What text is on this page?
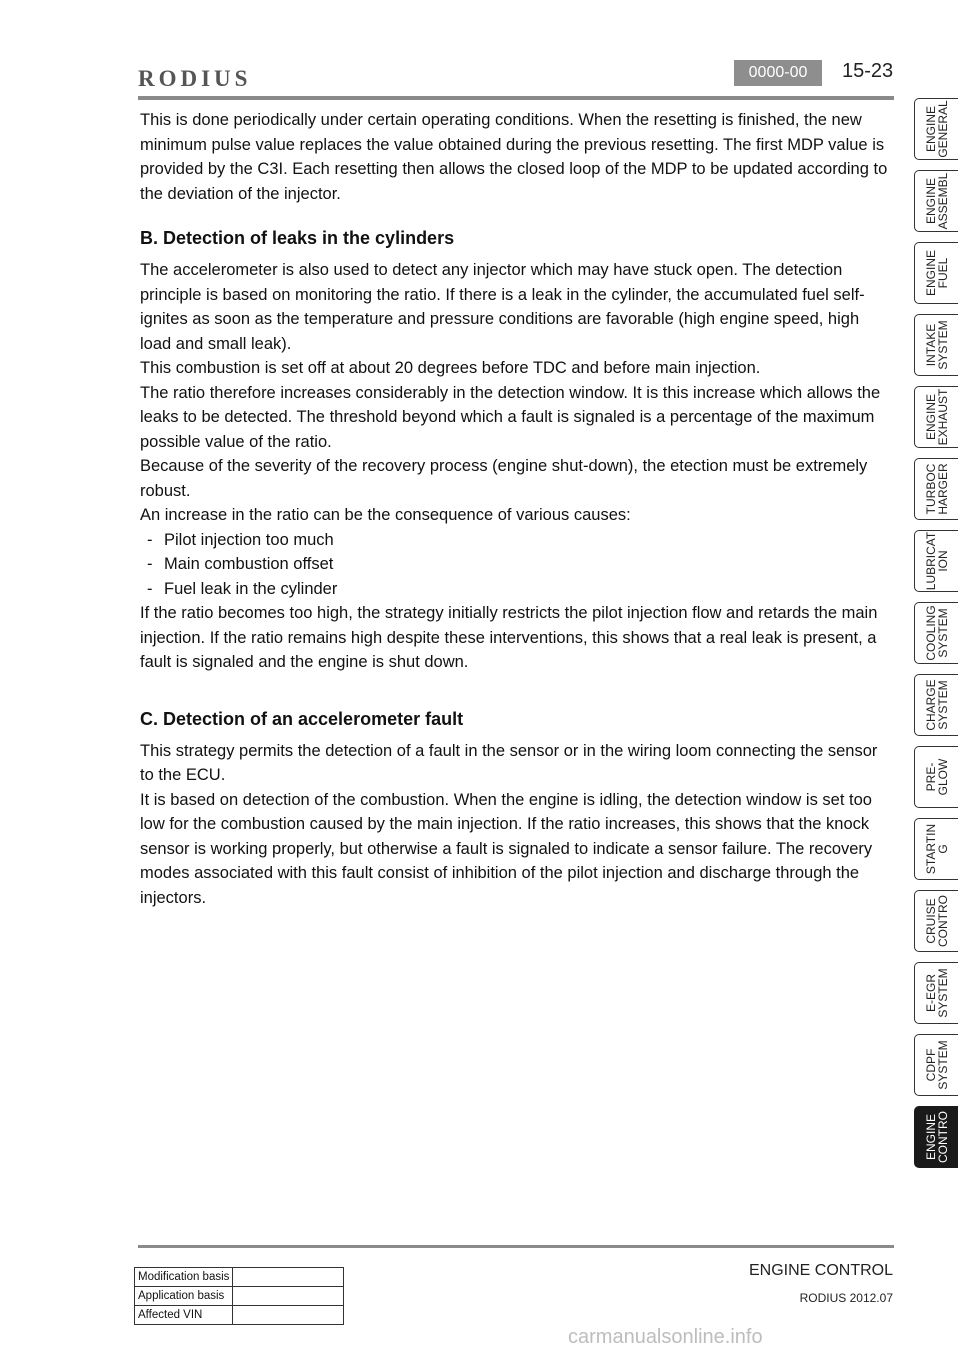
RODIUS	0000-00	15-23

This is done periodically under certain operating conditions. When the resetting is finished, the new minimum pulse value replaces the value obtained during the previous resetting. The first MDP value is provided by the C3I. Each resetting then allows the closed loop of the MDP to be updated according to the deviation of the injector.

B. Detection of leaks in the cylinders

The accelerometer is also used to detect any injector which may have stuck open. The detection principle is based on monitoring the ratio. If there is a leak in the cylinder, the accumulated fuel self-ignites as soon as the temperature and pressure conditions are favorable (high engine speed, high load and small leak).

This combustion is set off at about 20 degrees before TDC and before main injection.

The ratio therefore increases considerably in the detection window. It is this increase which allows the leaks to be detected. The threshold beyond which a fault is signaled is a percentage of the maximum possible value of the ratio.

Because of the severity of the recovery process (engine shut-down), the etection must be extremely robust.

An increase in the ratio can be the consequence of various causes:

- Pilot injection too much
- Main combustion offset
- Fuel leak in the cylinder

If the ratio becomes too high, the strategy initially restricts the pilot injection flow and retards the main injection. If the ratio remains high despite these interventions, this shows that a real leak is present, a fault is signaled and the engine is shut down.

C. Detection of an accelerometer fault

This strategy permits the detection of a fault in the sensor or in the wiring loom connecting the sensor to the ECU.

It is based on detection of the combustion. When the engine is idling, the detection window is set too low for the combustion caused by the main injection. If the ratio increases, this shows that the knock sensor is working properly, but otherwise a fault is signaled to indicate a sensor failure. The recovery modes associated with this fault consist of inhibition of the pilot injection and discharge through the injectors.

ENGINE
GENERAL
ENGINE
ASSEMBL
ENGINE
FUEL
INTAKE
SYSTEM
ENGINE
EXHAUST
TURBOC
HARGER
LUBRICAT
ION
COOLING
SYSTEM
CHARGE
SYSTEM
PRE-
GLOW
STARTIN
G
CRUISE
CONTRO
E-EGR
SYSTEM
CDPF
SYSTEM
ENGINE
CONTRO
Modification basis	
Application basis	
Affected VIN	
ENGINE CONTROL
RODIUS 2012.07
carmanualsonline.info
